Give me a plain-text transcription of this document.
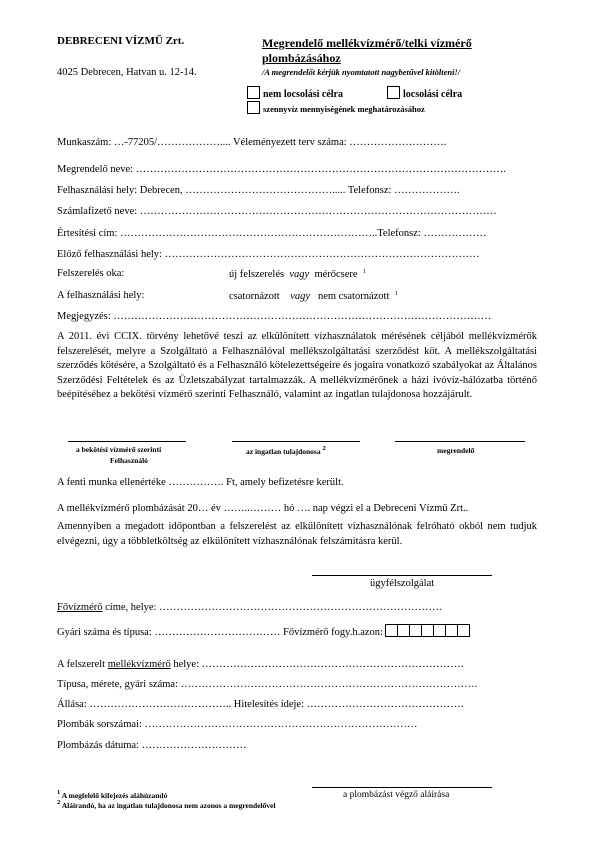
DEBRECENI VÍZMŰ Zrt.
4025 Debrecen, Hatvan u. 12-14.
Megrendelő mellékvízmérő/telki vízmérő
plombázásához
/A megrendelőt kérjük nyomtatott nagybetűvel kitölteni!/
nem locsolási célra	locsolási célra
szennyvíz mennyiségének meghatározásához
Munkaszám: …-77205/……………….... Véleményezett terv száma: ……………………….
Megrendelő neve: …………………………………………………………………………………………….
Felhasználási hely: Debrecen, ……………………………………..... Telefonsz: ……………….
Számlafizető neve: …………………………………………………………………………………………
Értesítési cím: ………………………………………………………………..Telefonsz: ………………
Előző felhasználási hely: ………………………………………………………………………………
Felszerelés oka:	új felszerelés vagy mérőcsere $^1$
A felhasználási hely:	csatornázott vagy nem csatornázott $^1$
Megjegyzés: ………………………………………………………………………………………………
A 2011. évi CCIX. törvény lehetővé teszi az elkülönített vízhasználatok mérésének céljából mellékvízmérők felszerelését, melyre a Szolgáltató a Felhasználóval mellékszolgáltatási szerződést köt. A mellékszolgáltatási szerződés kötésére, a Szolgáltató és a Felhasználó kötelezettségeire és jogaira vonatkozó szabályokat az Általános Szerződési Feltételek és az Üzletszabályzat tartalmazzák. A mellékvízmérőnek a házi ivóvíz-hálózatba történő beépítéséhez a bekötési vízmérő szerinti Felhasználó, valamint az ingatlan tulajdonosa hozzájárult.
a bekötési vízmérő szerinti
Felhasználó
az ingatlan tulajdonosa 2	megrendelő
A fenti munka ellenértéke ……………. Ft, amely befizetésre került.
A mellékvízmérő plombázását 20… év ……..……… hó …. nap végzi el a Debreceni Vízmű Zrt..
Amennyiben a megadott időpontban a felszerelést az elkülönített vízhasználónak felróható okból nem tudjuk elvégezni, úgy a többletköltség az elkülönített vízhasználónak felszámításra kerül.
ügyfélszolgálat
Fővízmérő címe, helye: ………………………………………………………………………
Gyári száma és típusa: ……………………………… Fővízmérő fogy.h.azon:
A felszerelt mellékvízmérő helye: …………………………………………………………………
Típusa, mérete, gyári száma: ………………………………………………………………………….
Állása: ………………………………….. Hitelesítés ideje: ………………………………………
Plombák sorszámai: ……………………………………………………………………
Plombázás dátuma: …………………………
a plombázást végző aláírása
1 A megfelelő kifejezés aláhúzandó
2 Aláírandó, ha az ingatlan tulajdonosa nem azonos a megrendelővel
